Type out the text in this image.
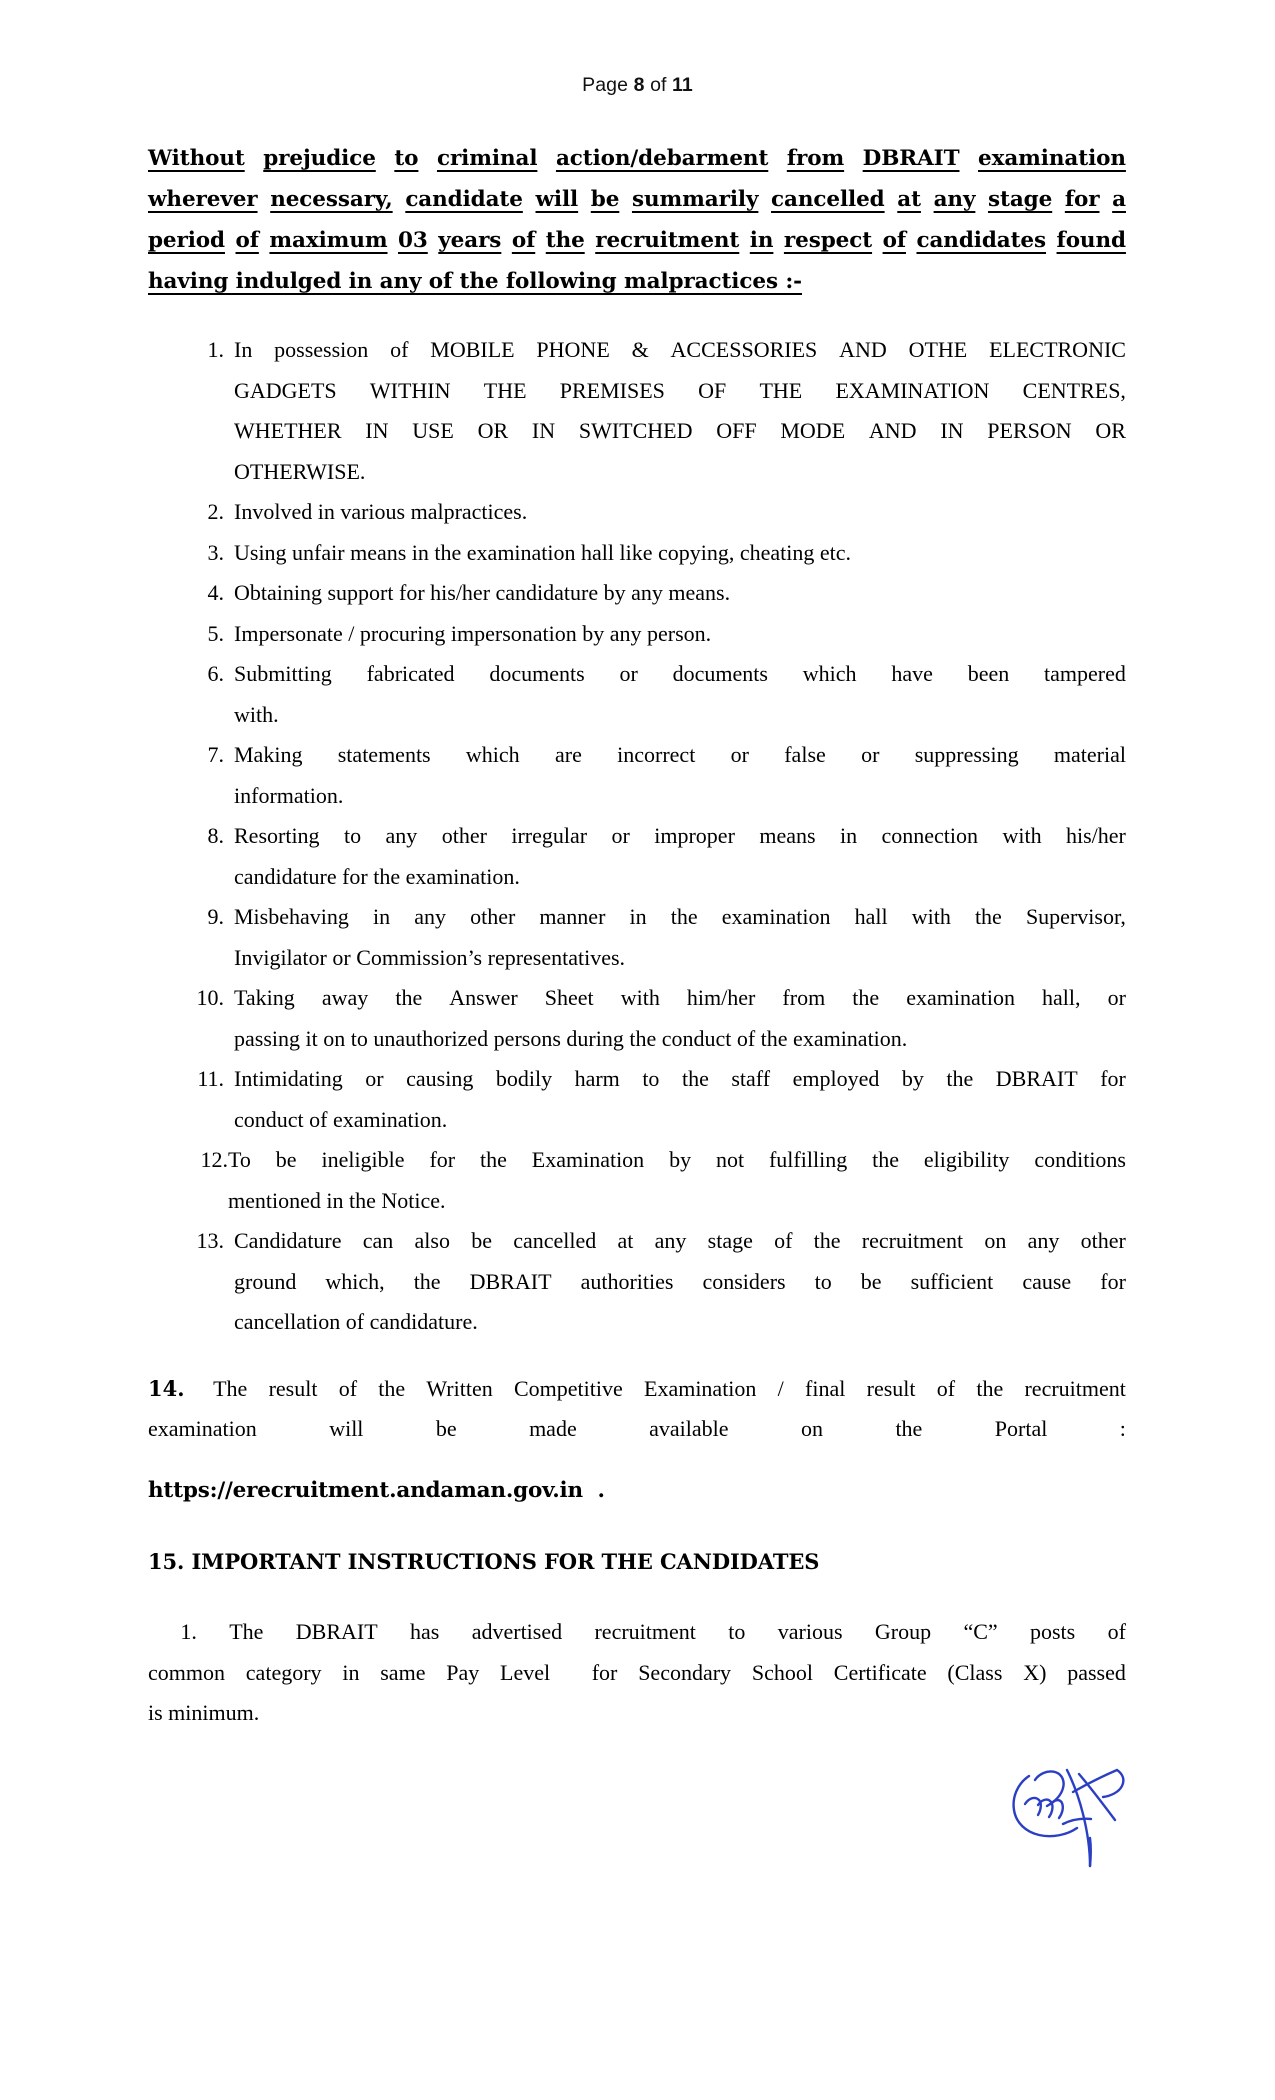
Page 8 of 11

Without prejudice to criminal action/debarment from DBRAIT examination
wherever necessary, candidate will be summarily cancelled at any stage for a
period of maximum 03 years of the recruitment in respect of candidates found
having indulged in any of the following malpractices :-

1. In possession of MOBILE PHONE & ACCESSORIES AND OTHE ELECTRONIC
GADGETS WITHIN THE PREMISES OF THE EXAMINATION CENTRES,
WHETHER IN USE OR IN SWITCHED OFF MODE AND IN PERSON OR
OTHERWISE.
2. Involved in various malpractices.
3. Using unfair means in the examination hall like copying, cheating etc.
4. Obtaining support for his/her candidature by any means.
5. Impersonate / procuring impersonation by any person.
6. Submitting fabricated documents or documents which have been tampered
with.
7. Making statements which are incorrect or false or suppressing material
information.
8. Resorting to any other irregular or improper means in connection with his/her
candidature for the examination.
9. Misbehaving in any other manner in the examination hall with the Supervisor,
Invigilator or Commission’s representatives.
10. Taking away the Answer Sheet with him/her from the examination hall, or
passing it on to unauthorized persons during the conduct of the examination.
11. Intimidating or causing bodily harm to the staff employed by the DBRAIT for
conduct of examination.
12. To be ineligible for the Examination by not fulfilling the eligibility conditions
mentioned in the Notice.
13. Candidature can also be cancelled at any stage of the recruitment on any other
ground which, the DBRAIT authorities considers to be sufficient cause for
cancellation of candidature.

14. The result of the Written Competitive Examination / final result of the recruitment
examination	will	be	made	available	on	the	Portal	:

https://erecruitment.andaman.gov.in .

15. IMPORTANT INSTRUCTIONS FOR THE CANDIDATES

1. The DBRAIT has advertised recruitment to various Group “C” posts of
common category in same Pay Level for Secondary School Certificate (Class X) passed
is minimum.
